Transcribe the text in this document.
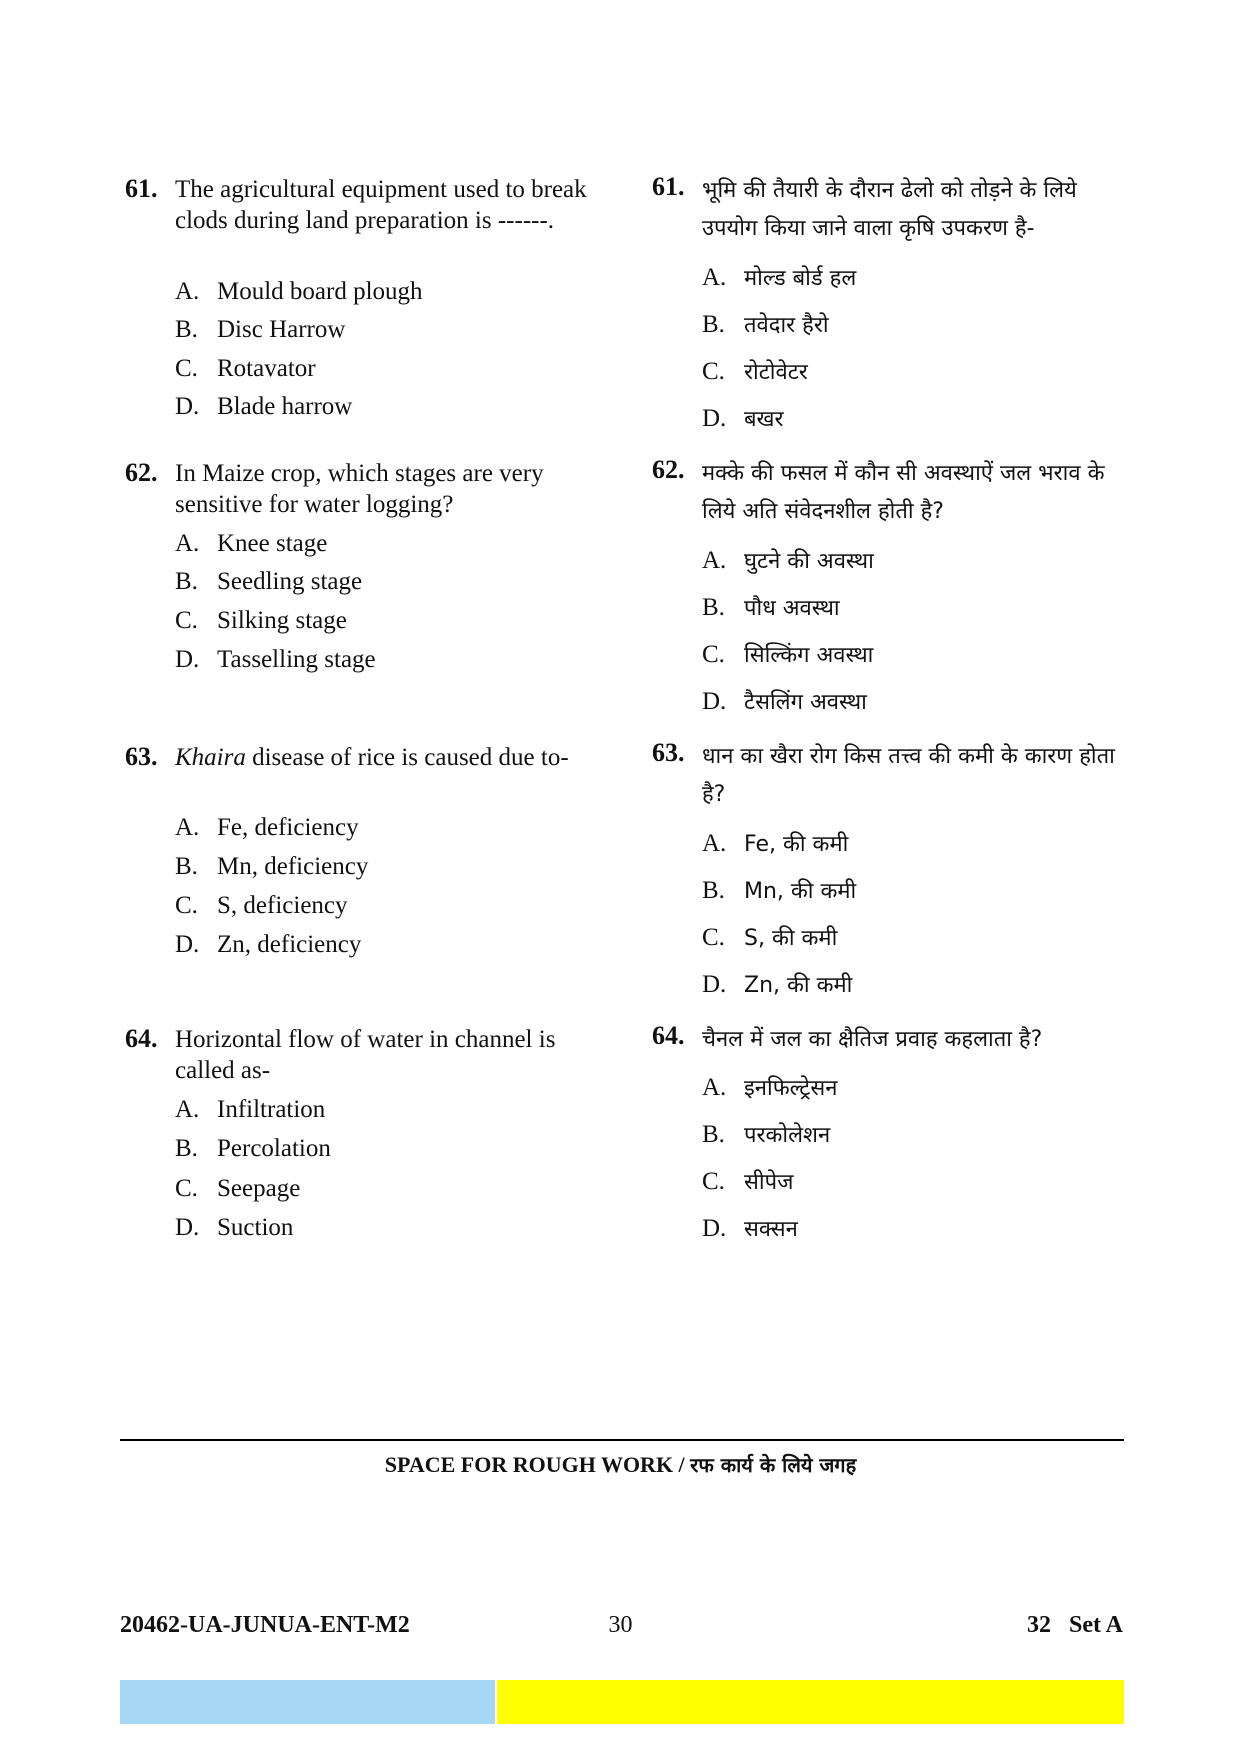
61. The agricultural equipment used to break clods during land preparation is ------.
A. Mould board plough
B. Disc Harrow
C. Rotavator
D. Blade harrow
62. In Maize crop, which stages are very sensitive for water logging?
A. Knee stage
B. Seedling stage
C. Silking stage
D. Tasselling stage
63. Khaira disease of rice is caused due to-
A. Fe, deficiency
B. Mn, deficiency
C. S, deficiency
D. Zn, deficiency
64. Horizontal flow of water in channel is called as-
A. Infiltration
B. Percolation
C. Seepage
D. Suction
61. भूमि की तैयारी के दौरान ढेलो को तोड़ने के लिये उपयोग किया जाने वाला कृषि उपकरण है-
A. मोल्ड बोर्ड हल
B. तवेदार हैरो
C. रोटोवेटर
D. बखर
62. मक्के की फसल में कौन सी अवस्थाऐं जल भराव के लिये अति संवेदनशील होती है?
A. घुटने की अवस्था
B. पौध अवस्था
C. सिल्किंग अवस्था
D. टैसलिंग अवस्था
63. धान का खैरा रोग किस तत्त्व की कमी के कारण होता है?
A. Fe, की कमी
B. Mn, की कमी
C. S, की कमी
D. Zn, की कमी
64. चैनल में जल का क्षैतिज प्रवाह कहलाता है?
A. इनफिल्ट्रेसन
B. परकोलेशन
C. सीपेज
D. सक्सन
SPACE FOR ROUGH WORK / रफ कार्य के लिये जगह
20462-UA-JUNUA-ENT-M2	30	32   Set A
